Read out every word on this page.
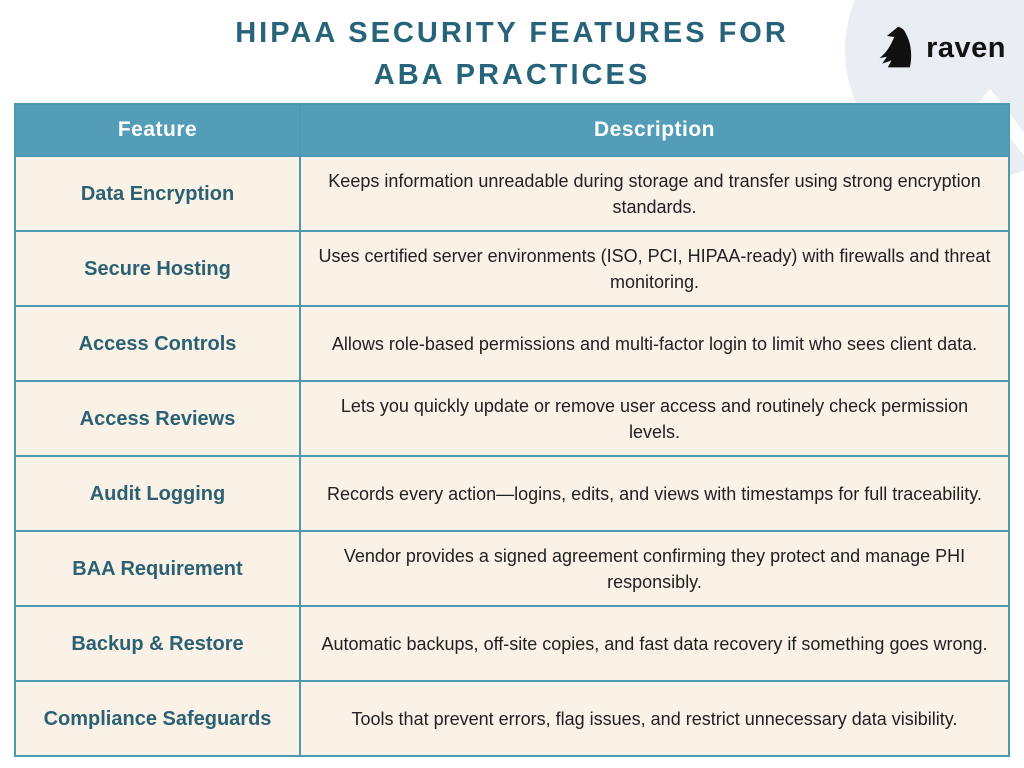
HIPAA SECURITY FEATURES FOR
ABA PRACTICES
raven
Feature	Description
Data Encryption	Keeps information unreadable during storage and transfer using strong encryption standards.
Secure Hosting	Uses certified server environments (ISO, PCI, HIPAA-ready) with firewalls and threat monitoring.
Access Controls	Allows role-based permissions and multi-factor login to limit who sees client data.
Access Reviews	Lets you quickly update or remove user access and routinely check permission levels.
Audit Logging	Records every action—logins, edits, and views with timestamps for full traceability.
BAA Requirement	Vendor provides a signed agreement confirming they protect and manage PHI responsibly.
Backup & Restore	Automatic backups, off-site copies, and fast data recovery if something goes wrong.
Compliance Safeguards	Tools that prevent errors, flag issues, and restrict unnecessary data visibility.
